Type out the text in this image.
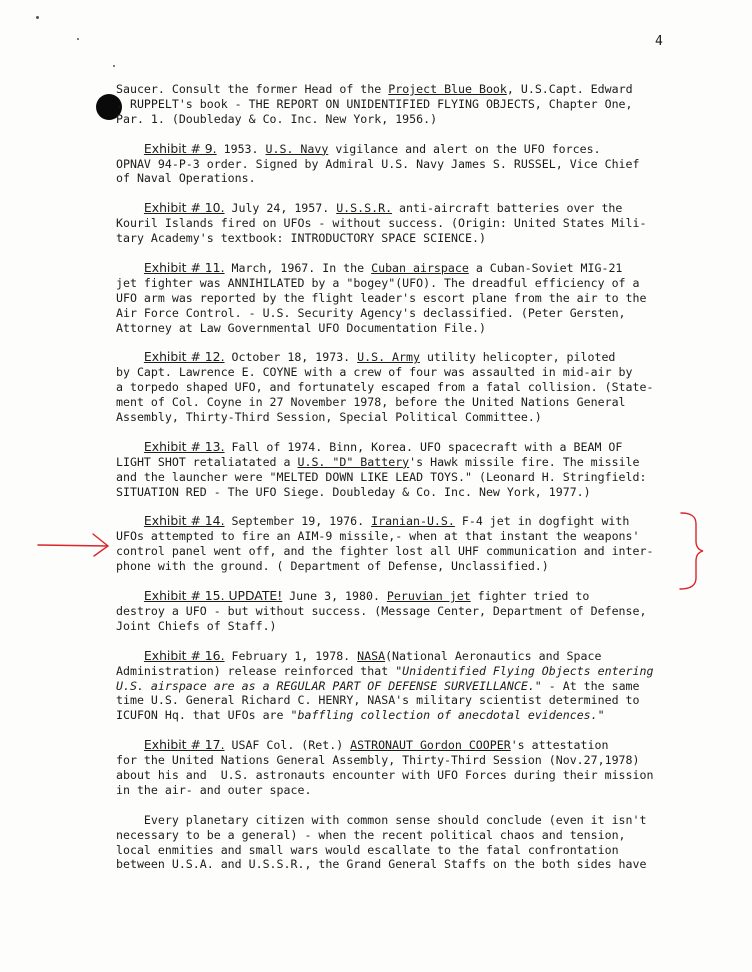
4
Saucer. Consult the former Head of the Project Blue Book, U.S.Capt. Edward
. RUPPELT's book - THE REPORT ON UNIDENTIFIED FLYING OBJECTS, Chapter One,
Par. 1. (Doubleday & Co. Inc. New York, 1956.)
Exhibit # 9. 1953. U.S. Navy vigilance and alert on the UFO forces.
OPNAV 94-P-3 order. Signed by Admiral U.S. Navy James S. RUSSEL, Vice Chief
of Naval Operations.
Exhibit # 10. July 24, 1957. U.S.S.R. anti-aircraft batteries over the
Kouril Islands fired on UFOs - without success. (Origin: United States Mili-
tary Academy's textbook: INTRODUCTORY SPACE SCIENCE.)
Exhibit # 11. March, 1967. In the Cuban airspace a Cuban-Soviet MIG-21
jet fighter was ANNIHILATED by a "bogey"(UFO). The dreadful efficiency of a
UFO arm was reported by the flight leader's escort plane from the air to the
Air Force Control. - U.S. Security Agency's declassified. (Peter Gersten,
Attorney at Law Governmental UFO Documentation File.)
Exhibit # 12. October 18, 1973. U.S. Army utility helicopter, piloted
by Capt. Lawrence E. COYNE with a crew of four was assaulted in mid-air by
a torpedo shaped UFO, and fortunately escaped from a fatal collision. (State-
ment of Col. Coyne in 27 November 1978, before the United Nations General
Assembly, Thirty-Third Session, Special Political Committee.)
Exhibit # 13. Fall of 1974. Binn, Korea. UFO spacecraft with a BEAM OF
LIGHT SHOT retaliatated a U.S. "D" Battery's Hawk missile fire. The missile
and the launcher were "MELTED DOWN LIKE LEAD TOYS." (Leonard H. Stringfield:
SITUATION RED - The UFO Siege. Doubleday & Co. Inc. New York, 1977.)
Exhibit # 14. September 19, 1976. Iranian-U.S. F-4 jet in dogfight with
UFOs attempted to fire an AIM-9 missile,- when at that instant the weapons'
control panel went off, and the fighter lost all UHF communication and inter-
phone with the ground. ( Department of Defense, Unclassified.)
Exhibit # 15. UPDATE! June 3, 1980. Peruvian jet fighter tried to
destroy a UFO - but without success. (Message Center, Department of Defense,
Joint Chiefs of Staff.)
Exhibit # 16. February 1, 1978. NASA(National Aeronautics and Space
Administration) release reinforced that "Unidentified Flying Objects entering
U.S. airspace are as a REGULAR PART OF DEFENSE SURVEILLANCE." - At the same
time U.S. General Richard C. HENRY, NASA's military scientist determined to
ICUFON Hq. that UFOs are "baffling collection of anecdotal evidences."
Exhibit # 17. USAF Col. (Ret.) ASTRONAUT Gordon COOPER's attestation
for the United Nations General Assembly, Thirty-Third Session (Nov.27,1978)
about his and  U.S. astronauts encounter with UFO Forces during their mission
in the air- and outer space.
Every planetary citizen with common sense should conclude (even it isn't
necessary to be a general) - when the recent political chaos and tension,
local enmities and small wars would escallate to the fatal confrontation
between U.S.A. and U.S.S.R., the Grand General Staffs on the both sides have
